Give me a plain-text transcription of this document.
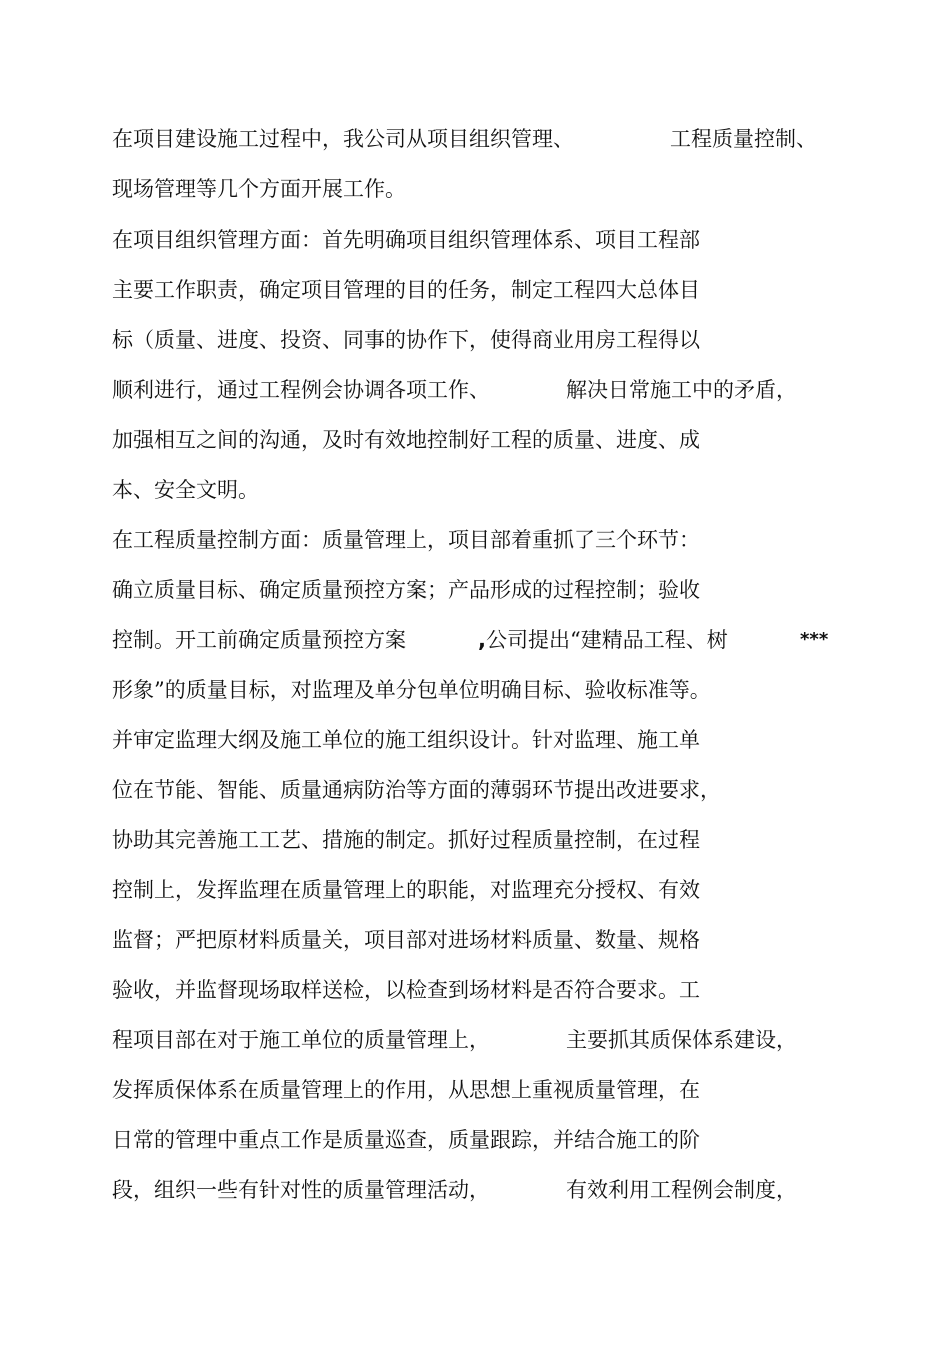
在项目建设施工过程中，我公司从项目组织管理、

	工程质量控制、

现场管理等几个方面开展工作。

在项目组织管理方面：首先明确项目组织管理体系、项目工程部

主要工作职责，确定项目管理的目的任务，制定工程四大总体目

标（质量、进度、投资、同事的协作下，使得商业用房工程得以

顺利进行，通过工程例会协调各项工作、

	解决日常施工中的矛盾，

加强相互之间的沟通，及时有效地控制好工程的质量、进度、成

本、安全文明。

在工程质量控制方面：质量管理上，项目部着重抓了三个环节：

确立质量目标、确定质量预控方案；产品形成的过程控制；验收

控制。开工前确定质量预控方案

	,

公司提出“建精品工程、树

	***

形象”的质量目标，对监理及单分包单位明确目标、验收标准等。

并审定监理大纲及施工单位的施工组织设计。针对监理、施工单

位在节能、智能、质量通病防治等方面的薄弱环节提出改进要求，

协助其完善施工工艺、措施的制定。抓好过程质量控制，在过程

控制上，发挥监理在质量管理上的职能，对监理充分授权、有效

监督；严把原材料质量关，项目部对进场材料质量、数量、规格

验收，并监督现场取样送检，以检查到场材料是否符合要求。工

程项目部在对于施工单位的质量管理上，

	主要抓其质保体系建设，

发挥质保体系在质量管理上的作用，从思想上重视质量管理，在

日常的管理中重点工作是质量巡查，质量跟踪，并结合施工的阶

段，组织一些有针对性的质量管理活动，

	有效利用工程例会制度，
